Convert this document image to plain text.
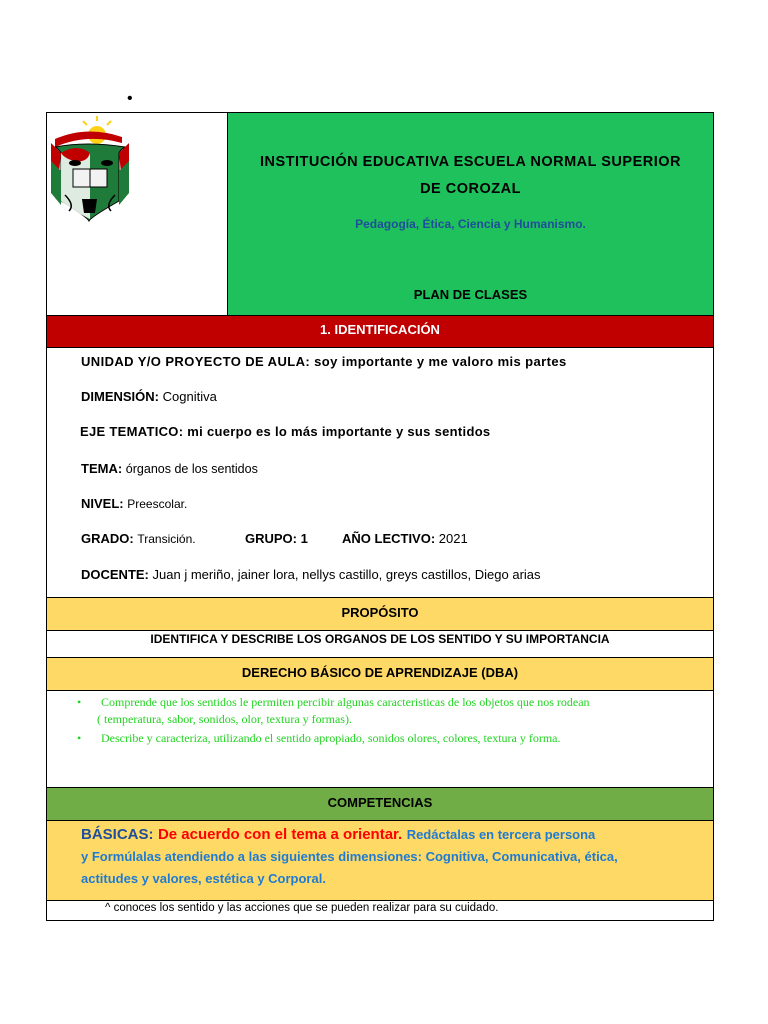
•
INSTITUCIÓN EDUCATIVA ESCUELA NORMAL SUPERIOR
DE COROZAL
Pedagogía, Ética, Ciencia y Humanismo.
PLAN DE CLASES
1. IDENTIFICACIÓN
UNIDAD Y/O PROYECTO DE AULA: soy importante y me valoro mis partes
DIMENSIÓN: Cognitiva
EJE TEMATICO: mi cuerpo es lo más importante y sus sentidos
TEMA: órganos de los sentidos
NIVEL: Preescolar.
GRADO: Transición.	GRUPO: 1	AÑO LECTIVO: 2021
DOCENTE: Juan j meriño, jainer lora, nellys castillo, greys castillos, Diego arias
PROPÓSITO
IDENTIFICA Y DESCRIBE LOS ORGANOS DE LOS SENTIDO Y SU IMPORTANCIA
DERECHO BÁSICO DE APRENDIZAJE (DBA)
•	Comprende que los sentidos le permiten percibir algunas caracteristicas de los objetos que nos rodean
( temperatura, sabor, sonidos, olor, textura y formas).
•	Describe y caracteriza, utilizando el sentido apropiado, sonidos olores, colores, textura y forma.
COMPETENCIAS
BÁSICAS: De acuerdo con el tema a orientar. Redáctalas en tercera persona
y Formúlalas atendiendo a las siguientes dimensiones: Cognitiva, Comunicativa, ética,
actitudes y valores, estética y Corporal.
^ conoces los sentido y las acciones que se pueden realizar para su cuidado.
